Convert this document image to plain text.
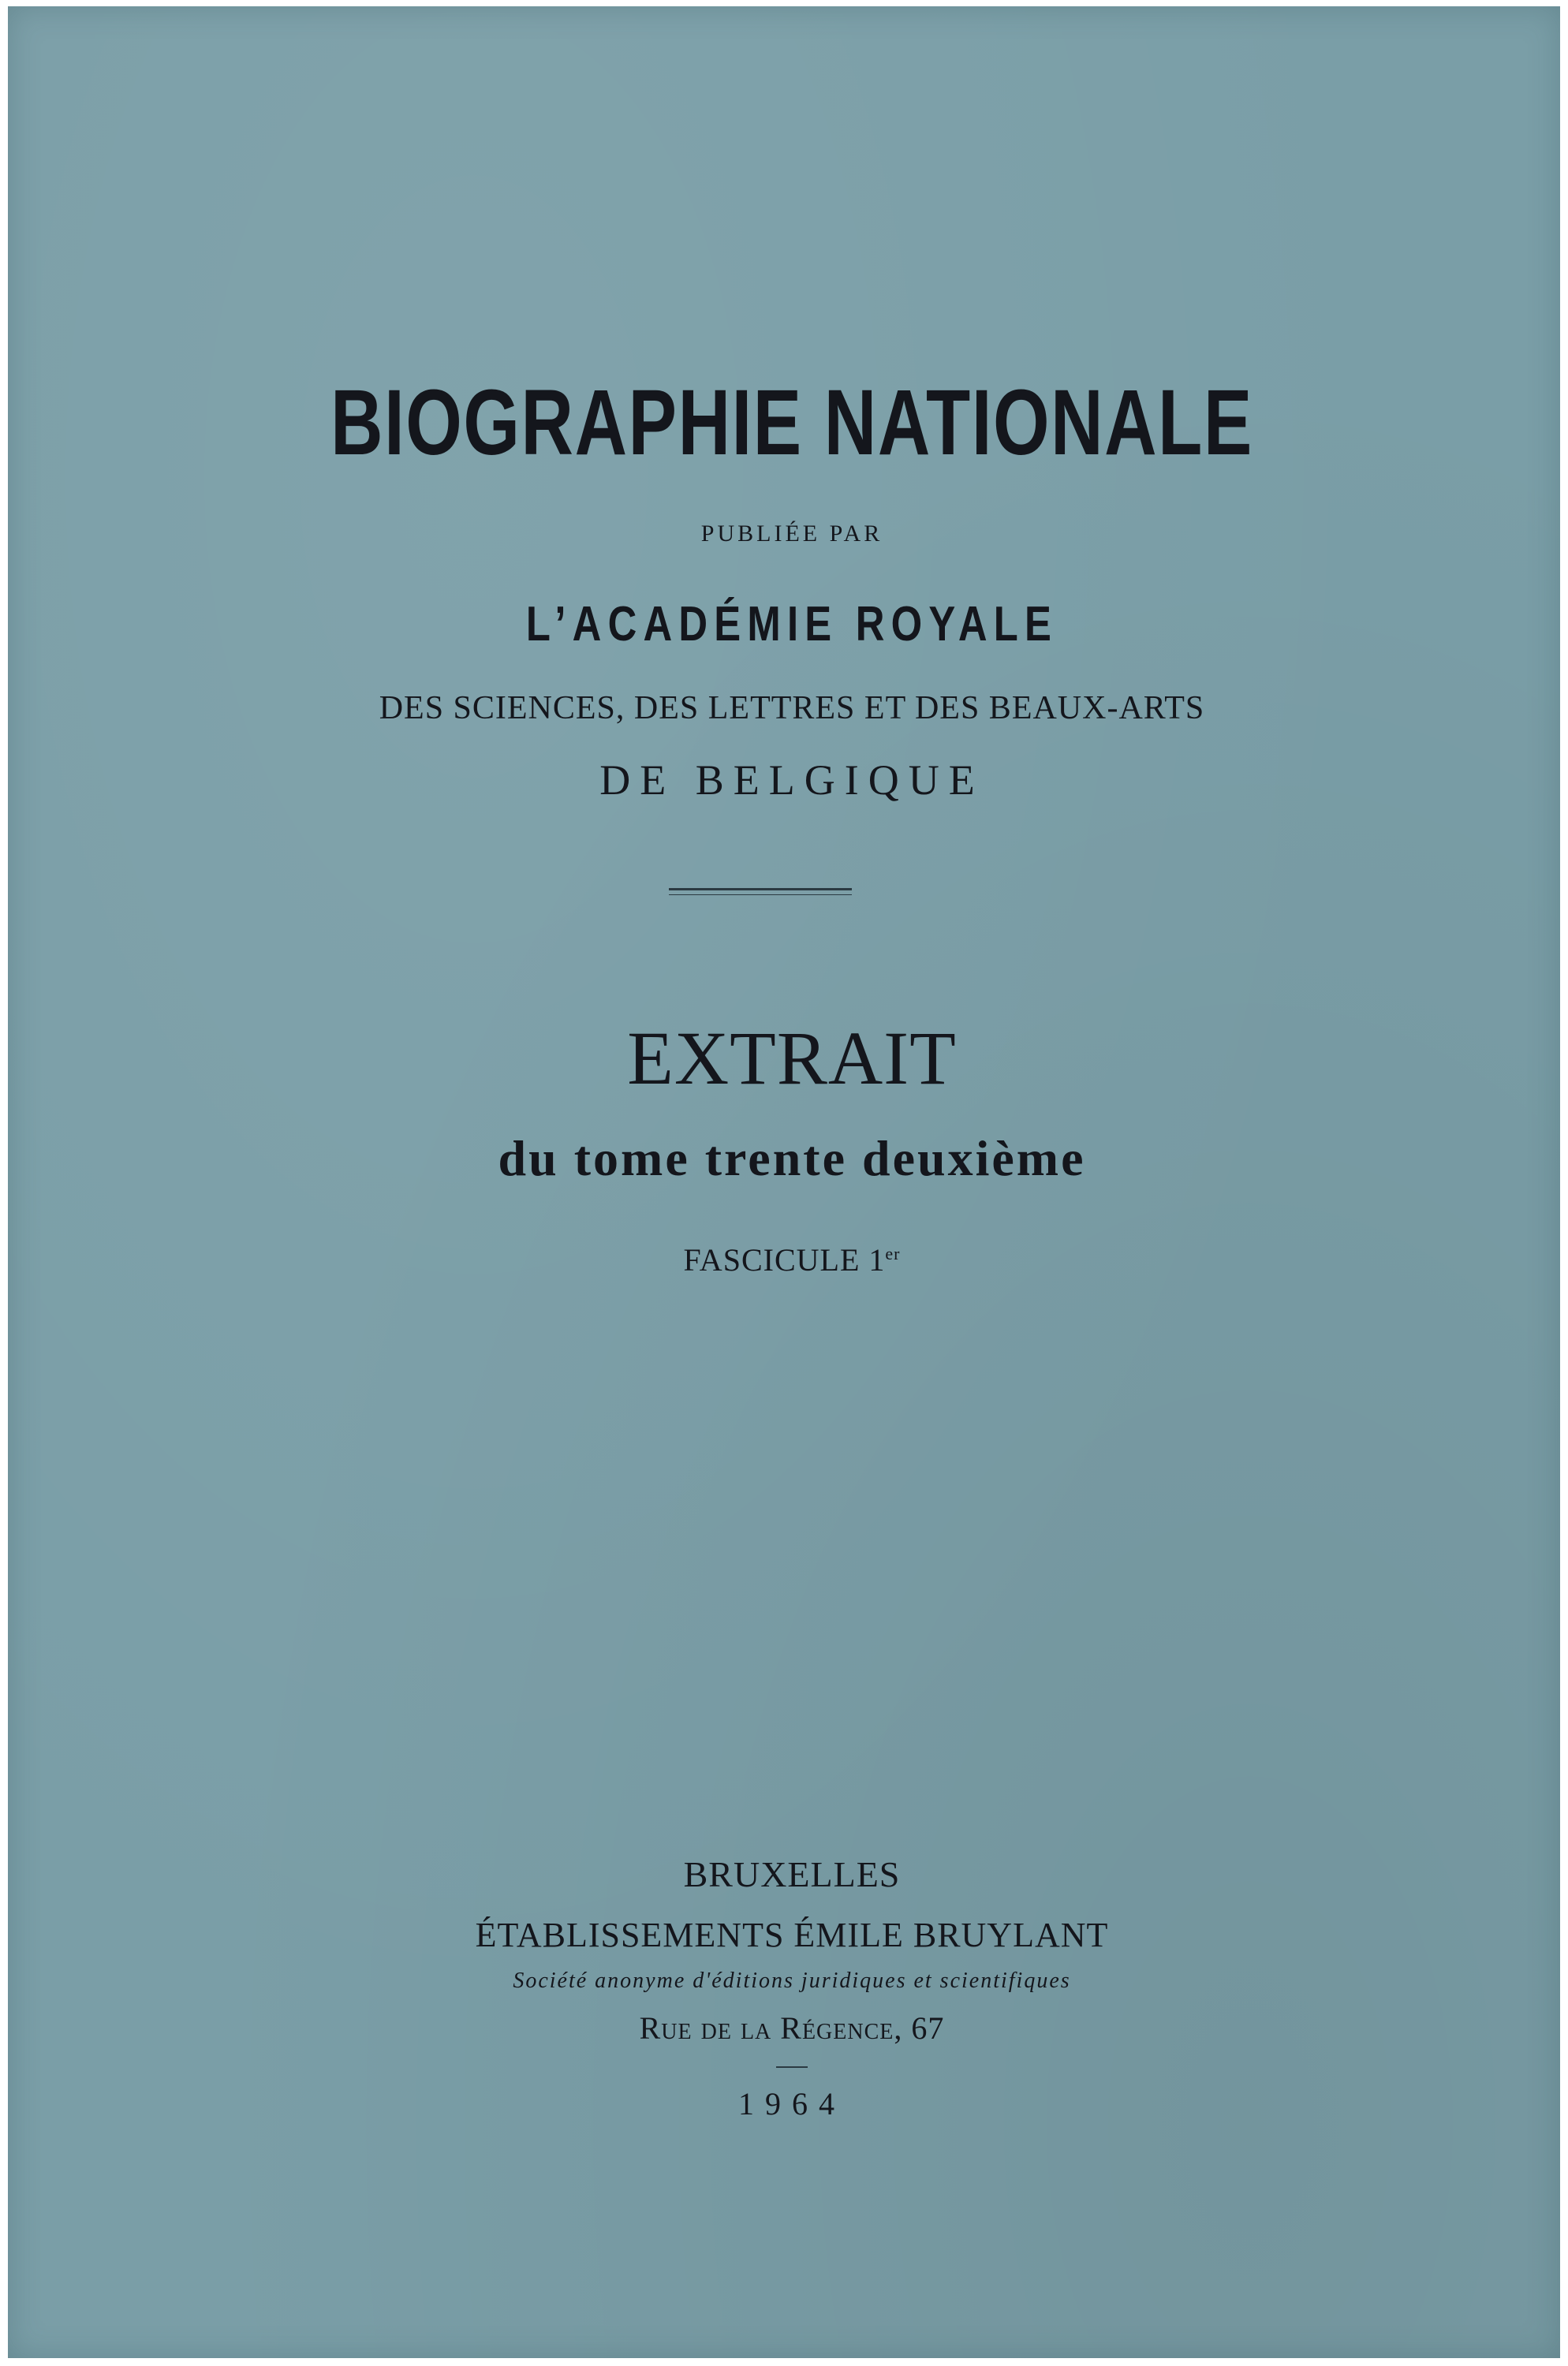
BIOGRAPHIE NATIONALE
PUBLIÉE PAR
L’ACADÉMIE ROYALE
DES SCIENCES, DES LETTRES ET DES BEAUX-ARTS
DE BELGIQUE
EXTRAIT
du tome trente deuxième
FASCICULE 1er
BRUXELLES
ÉTABLISSEMENTS ÉMILE BRUYLANT
Société anonyme d'éditions juridiques et scientifiques
Rue de la Régence, 67
1964
